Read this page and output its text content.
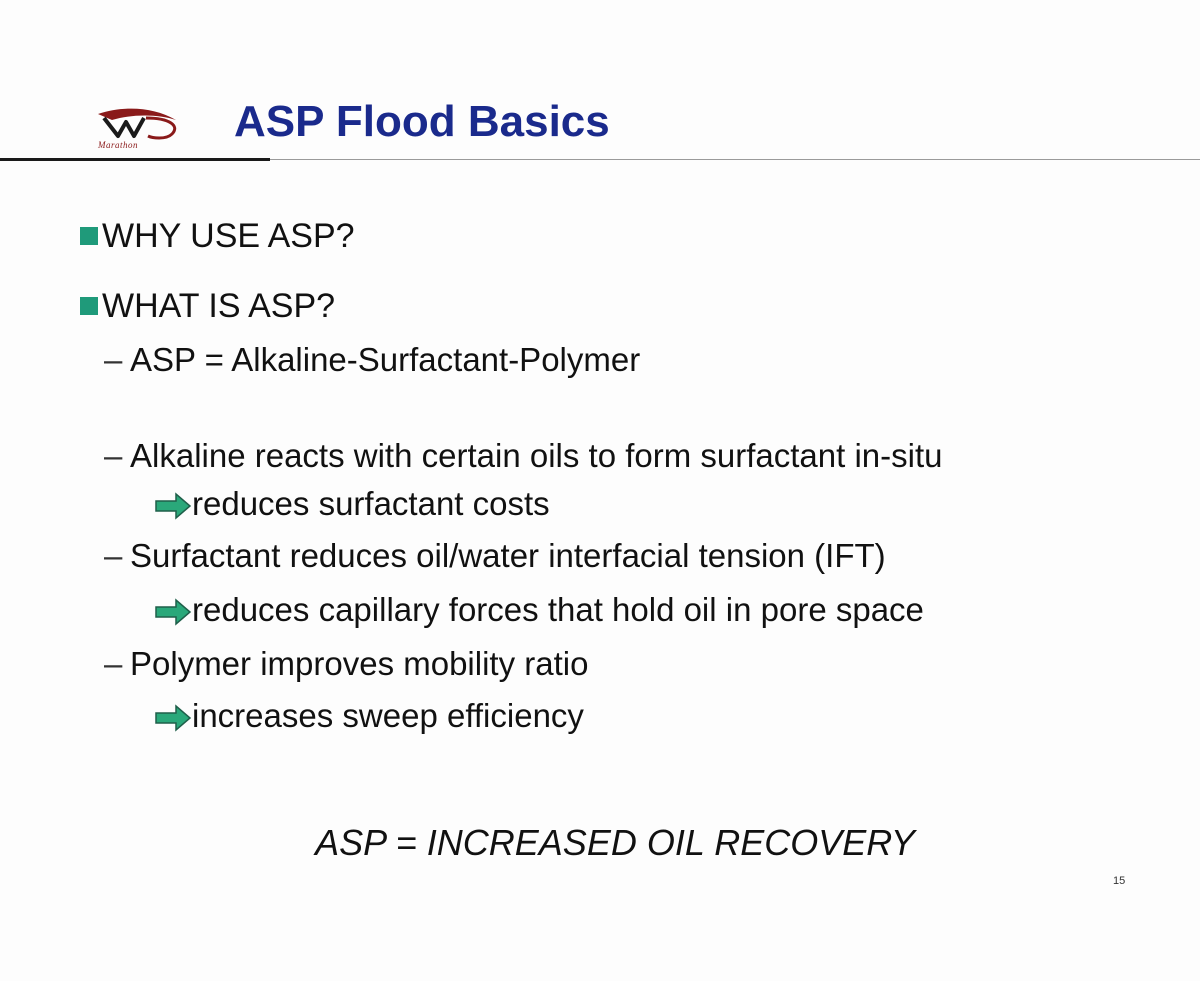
Marathon ASP Flood Basics
WHY USE ASP?
WHAT IS ASP?
– ASP = Alkaline-Surfactant-Polymer
– Alkaline reacts with certain oils to form surfactant in-situ
reduces surfactant costs
– Surfactant reduces oil/water interfacial tension (IFT)
reduces capillary forces that hold oil in pore space
– Polymer improves mobility ratio
increases sweep efficiency
ASP = INCREASED OIL RECOVERY
15
